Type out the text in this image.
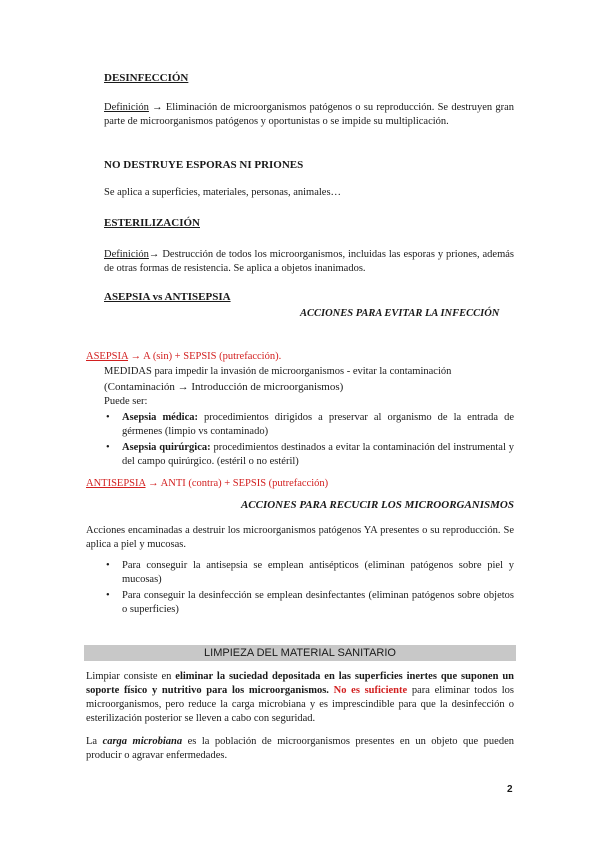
DESINFECCIÓN
Definición → Eliminación de microorganismos patógenos o su reproducción. Se destruyen gran parte de microorganismos patógenos y oportunistas o se impide su multiplicación.
NO DESTRUYE ESPORAS NI PRIONES
Se aplica a superficies, materiales, personas, animales…
ESTERILIZACIÓN
Definición→ Destrucción de todos los microorganismos, incluidas las esporas y priones, además de otras formas de resistencia. Se aplica a objetos inanimados.
ASEPSIA vs ANTISEPSIA
ACCIONES PARA EVITAR LA INFECCIÓN
ASEPSIA → A (sin) + SEPSIS (putrefacción).
MEDIDAS para impedir la invasión de microorganismos - evitar la contaminación
(Contaminación → Introducción de microorganismos)
Puede ser:
• Asepsia médica: procedimientos dirigidos a preservar al organismo de la entrada de gérmenes (limpio vs contaminado)
• Asepsia quirúrgica: procedimientos destinados a evitar la contaminación del instrumental y del campo quirúrgico. (estéril o no estéril)
ANTISEPSIA → ANTI (contra) + SEPSIS (putrefacción)
ACCIONES PARA RECUCIR LOS MICROORGANISMOS
Acciones encaminadas a destruir los microorganismos patógenos YA presentes o su reproducción. Se aplica a piel y mucosas.
• Para conseguir la antisepsia se emplean antisépticos (eliminan patógenos sobre piel y mucosas)
• Para conseguir la desinfección se emplean desinfectantes (eliminan patógenos sobre objetos o superficies)
LIMPIEZA DEL MATERIAL SANITARIO
Limpiar consiste en eliminar la suciedad depositada en las superficies inertes que suponen un soporte físico y nutritivo para los microorganismos. No es suficiente para eliminar todos los microorganismos, pero reduce la carga microbiana y es imprescindible para que la desinfección o esterilización posterior se lleven a cabo con seguridad.
La carga microbiana es la población de microorganismos presentes en un objeto que pueden producir o agravar enfermedades.
2
